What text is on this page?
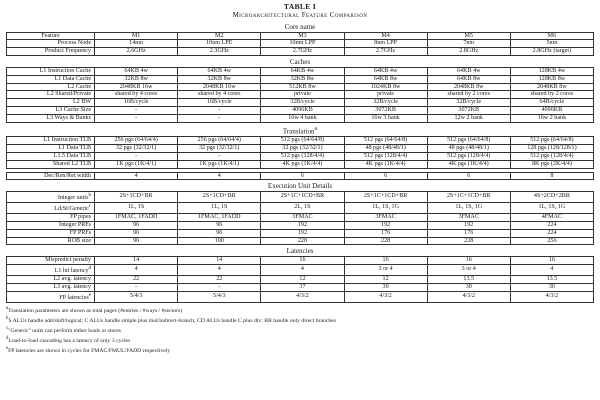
TABLE I
Microarchitectural Feature Comparison
Core name
Feature	M1	M2	M3	M4	M5	M6
Process Node	14nm	10nm LPE	10nm LPP	8nm LPP	7nm	5nm
Product Frequency	2.6GHz	2.3GHz	2.7GHz	2.7GHz	2.8GHz	2.8GHz (target)
Caches
L1 Instruction Cache	64KB 4w	64KB 4w	64KB 4w	64KB 4w	64KB 4w	128KB 4w
L1 Data Cache	32KB 8w	32KB 8w	32KB 8w	64KB 8w	64KB 8w	128KB 8w
L2 Cache	2048KB 16w	2048KB 16w	512KB 8w	1024KB 8w	2048KB 8w	2048KB 8w
L2 Shared/Private	shared by 4 cores	shared by 4 cores	private	private	shared by 2 cores	shared by 2 cores
L2 BW	16B/cycle	16B/cycle	32B/cycle	32B/cycle	32B/cycle	64B/cycle
L3 Cache Size	-	-	4096KB	3072KB	3072KB	4096KB
L3 Ways & Banks	-	-	16w 4 bank	16w 3 bank	12w 2 bank	16w 2 bank
Translation$^a$
L1 Instruction TLB	256 pgs (64/64/4)	256 pgs (64/64/4)	512 pgs (64/64/8)	512 pgs (64/64/8)	512 pgs (64/64/8)	512 pgs (64/64/8)
L1 Data TLB	32 pgs (32/32/1)	32 pgs (32/32/1)	32 pgs (32/32/1)	48 pgs (48/48/1)	48 pgs (48/48/1)	128 pgs (128/128/1)
L1.5 Data TLB	-	-	512 pgs (128/4/4)	512 pgs (128/4/4)	512 pgs (128/4/4)	512 pgs (128/4/4)
Shared L2 TLB	1K pgs (1K/4/1)	1K pgs (1K/4/1)	4K pgs (1K/4/4)	4K pgs (1K/4/4)	4K pgs (1K/4/4)	8K pgs (2K/4/4)
Dec/Ren/Ret width	4	4	6	6	6	8
Execution Unit Details
Integer units$^b$	2S+1CD+BR	2S+1CD+BR	2S+1C+1CD+BR	2S+1C+1CD+BR	2S+1C+1CD+BR	4S+2CD+2BR
Ld/St/Generic$^c$	1L, 1S	1L, 1S	2L, 1S	1L, 1S, 1G	1L, 1S, 1G	1L, 1S, 1G
FP pipes	1FMAC, 1FADD	1FMAC, 1FADD	3FMAC	3FMAC	3FMAC	4FMAC
Integer PRFs	96	96	192	192	192	224
FP PRFs	96	96	192	176	176	224
ROB size	96	100	228	228	228	256
Latencies
Mispredict penalty	14	14	16	16	16	16
L1 hit latency$^d$	4	4	4	3 or 4	3 or 4	4
L2 avg. latency	22	22	12	12	13.5	13.5
L3 avg. latency	-	-	37	30	30	30
FP latencies$^e$	5/4/3	5/4/3	4/3/2	4/3/2	4/3/2	4/3/2
$^a$Translation parameters are shown as total pages (#entries / #ways / #sectors)
$^b$S ALUs handle add/shift/logical; C ALUs handle simple plus mul/indirect-branch; CD ALUs handle C plus div; BR handle only direct branches
$^c$"Generic" units can perform either loads or stores
$^d$Load-to-load cascading has a latency of only 3 cycles
$^e$FP latencies are shown in cycles for FMAC/FMUL/FADD respectively
